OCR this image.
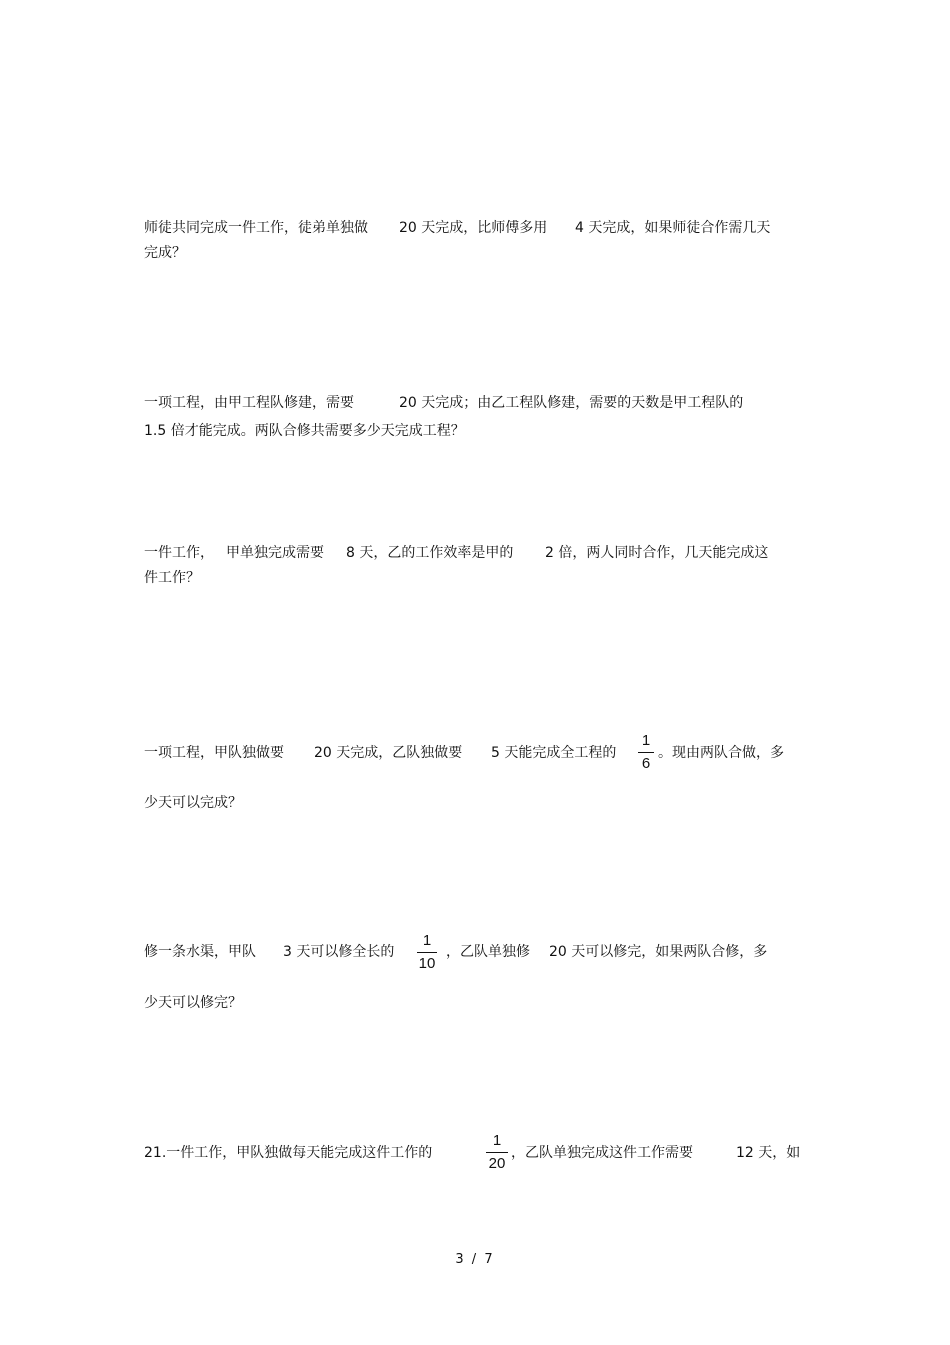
师徒共同完成一件工作，徒弟单独做 20 天完成，比师傅多用 4 天完成，如果师徒合作需几天
完成？
一项工程，由甲工程队修建，需要	20 天完成；由乙工程队修建，需要的天数是甲工程队的
1.5 倍才能完成。两队合修共需要多少天完成工程？
一件工作， 甲单独完成需要 8 天，乙的工作效率是甲的 2 倍，两人同时合作，几天能完成这
件工作？
一项工程，甲队独做要 20 天完成，乙队独做要 5 天能完成全工程的	。现由两队合做，多
1
6
少天可以完成？
修一条水渠，甲队 3 天可以修全长的	，乙队单独修 20 天可以修完，如果两队合修，多
1
10
少天可以修完？
21.一件工作，甲队独做每天能完成这件工作的	，乙队单独完成这件工作需要	12 天，如
1
20
3 / 7
